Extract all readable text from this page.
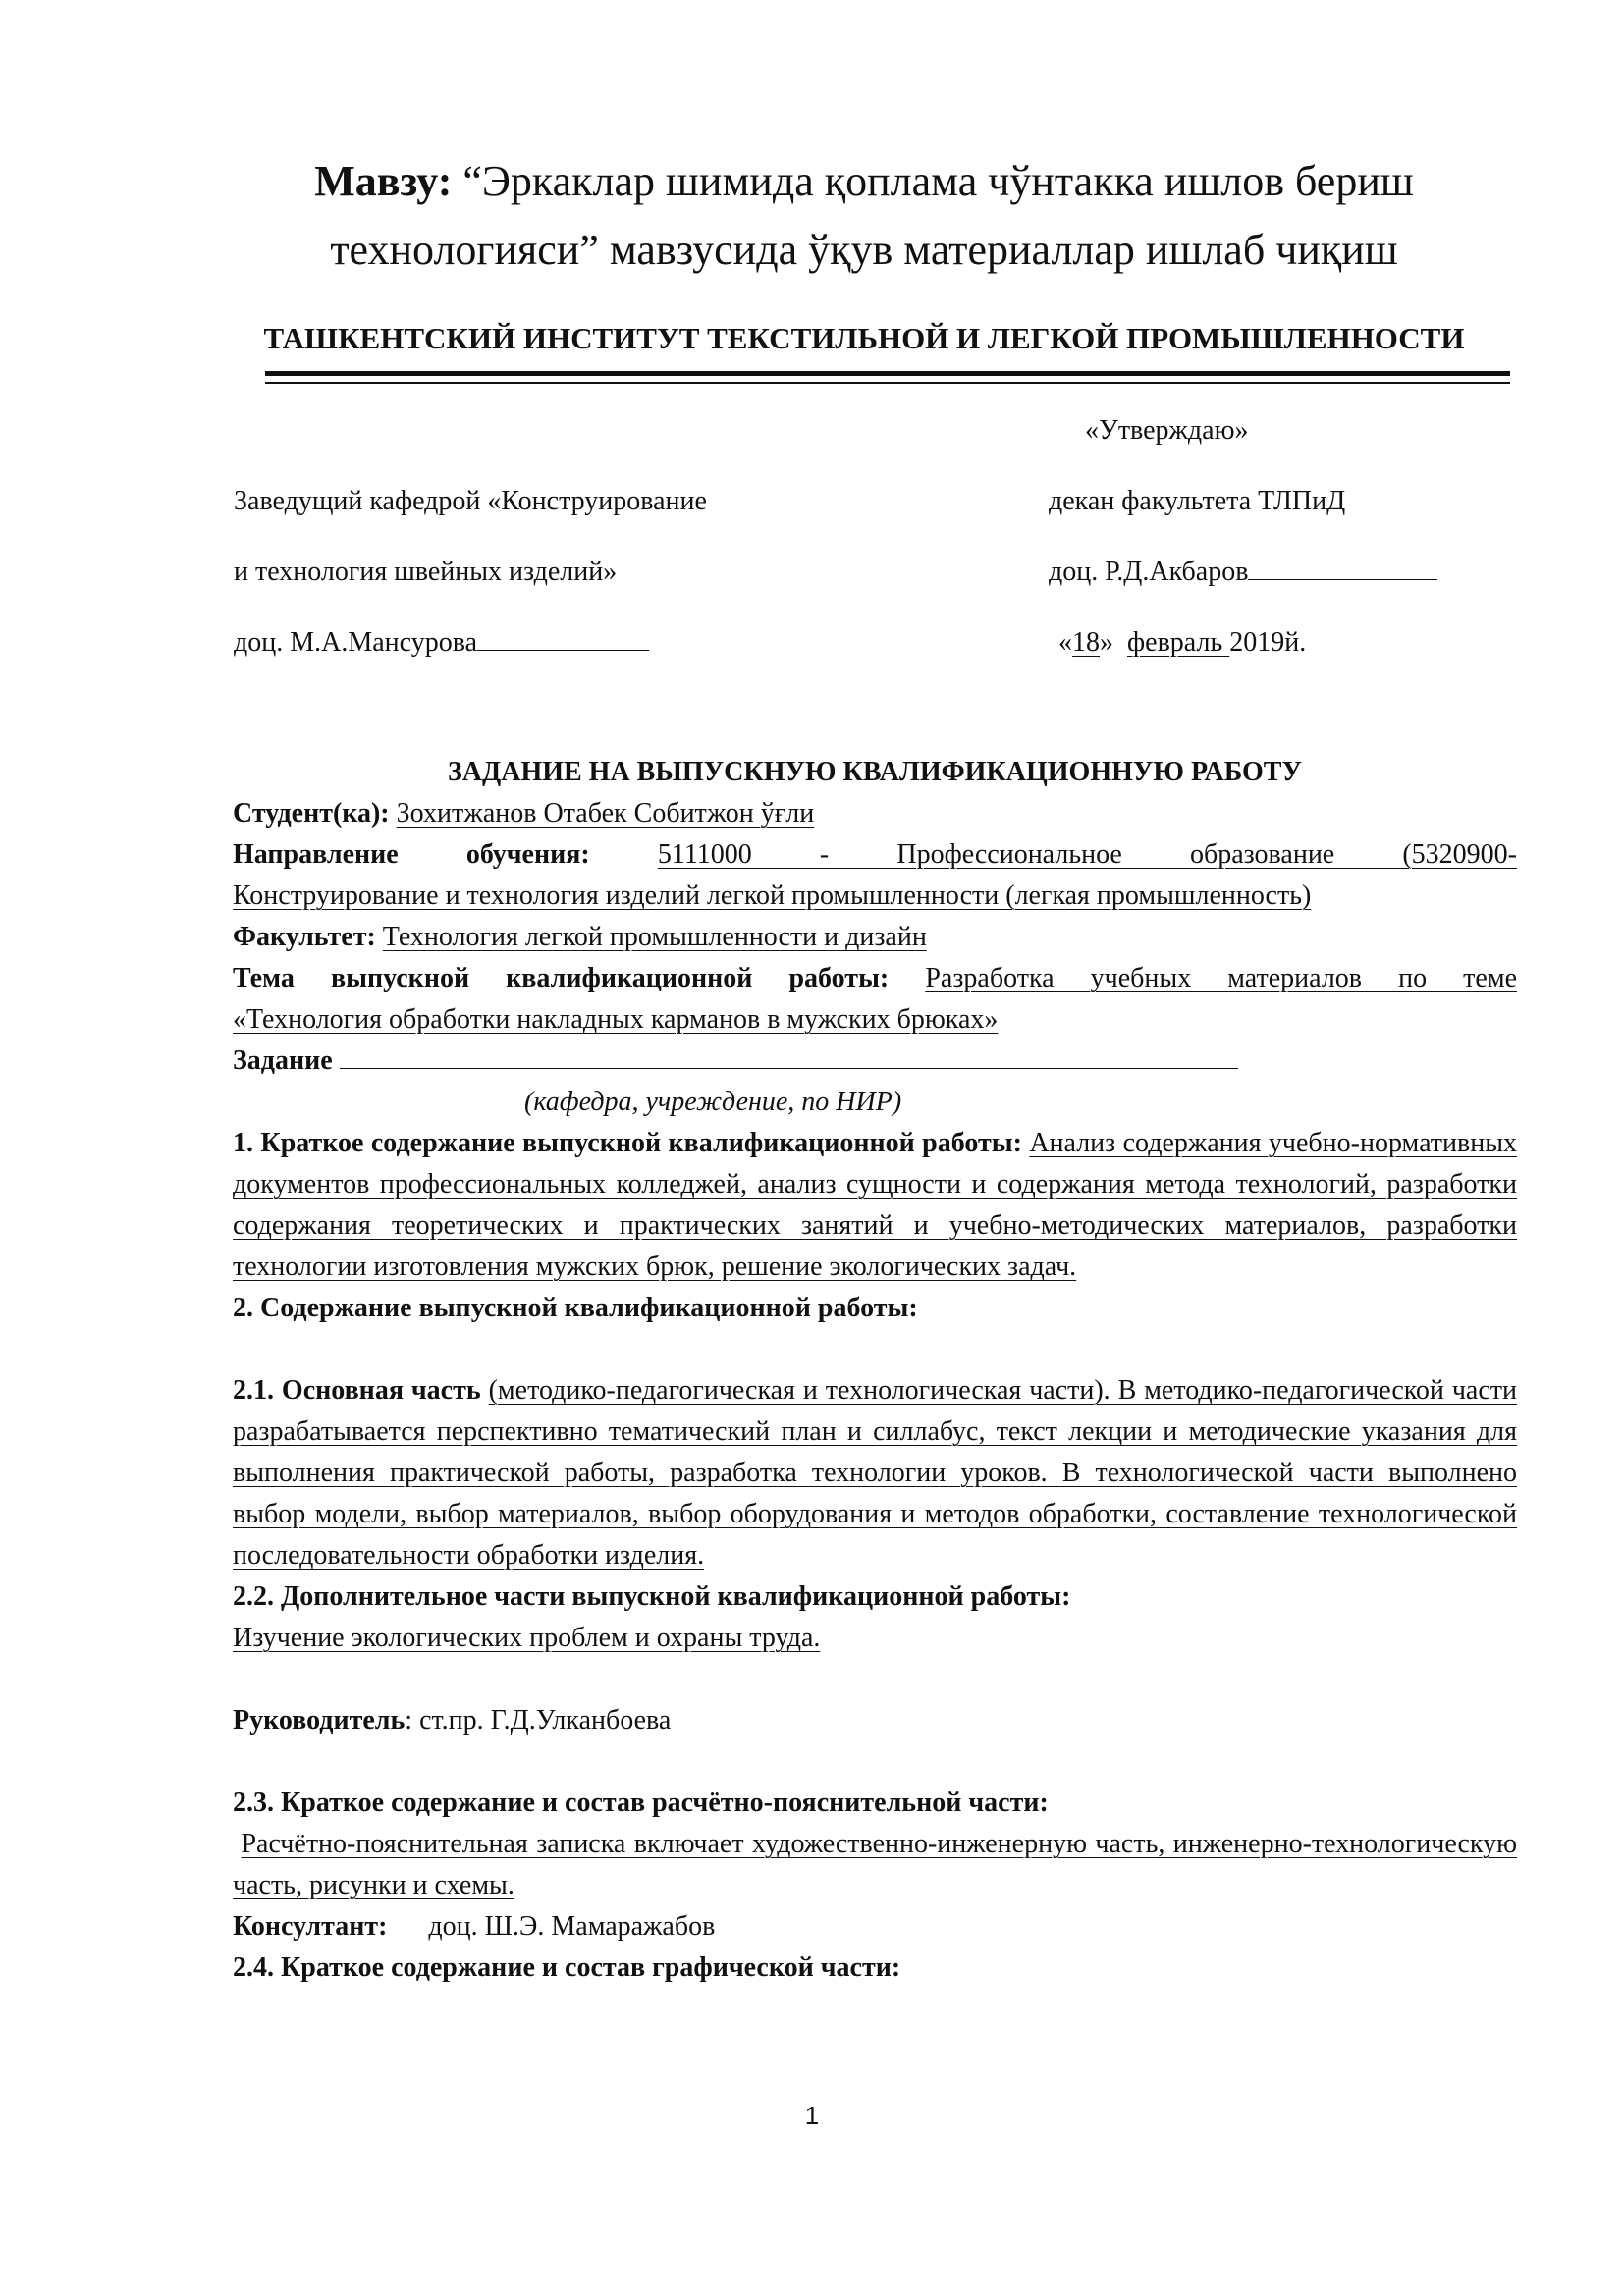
Мавзу: “Эркаклар шимида қоплама чўнтакка ишлов бериш технологияси” мавзусида ўқув материаллар ишлаб чиқиш
ТАШКЕНТСКИЙ ИНСТИТУТ ТЕКСТИЛЬНОЙ И ЛЕГКОЙ ПРОМЫШЛЕННОСТИ
«Утверждаю»
декан факультета ТЛПиД
доц. Р.Д.Акбаров
«18» февраль 2019й.
Заведущий кафедрой «Конструирование
и технология швейных изделий»
доц. М.А.Мансурова

ЗАДАНИЕ НА ВЫПУСКНУЮ КВАЛИФИКАЦИОННУЮ РАБОТУ

Студент(ка): Зохитжанов Отабек Собитжон ўғли

Направление обучения: 5111000 - Профессиональное образование (5320900-

Конструирование и технология изделий легкой промышленности (легкая промышленность)

Факультет: Технология легкой промышленности и дизайн

Тема выпускной квалификационной работы: Разработка учебных материалов по теме

«Технология обработки накладных карманов в мужских брюках»

Задание

(кафедра, учреждение, по НИР)

1. Краткое содержание выпускной квалификационной работы: Анализ содержания учебно-нормативных документов профессиональных колледжей, анализ сущности и содержания метода технологий, разработки содержания теоретических и практических занятий и учебно-методических материалов, разработки технологии изготовления мужских брюк, решение экологических задач.

2. Содержание выпускной квалификационной работы:

2.1. Основная часть (методико-педагогическая и технологическая части). В методико-педагогической части разрабатывается перспективно тематический план и силлабус, текст лекции и методические указания для выполнения практической работы, разработка технологии уроков. В технологической части выполнено выбор модели, выбор материалов, выбор оборудования и методов обработки, составление технологической последовательности обработки изделия.

2.2. Дополнительное части выпускной квалификационной работы:

Изучение экологических проблем и охраны труда.

Руководитель: ст.пр. Г.Д.Улканбоева

2.3. Краткое содержание и состав расчётно-пояснительной части:

Расчётно-пояснительная записка включает художественно-инженерную часть, инженерно-технологическую часть, рисунки и схемы.

Консултант: доц. Ш.Э. Мамаражабов

2.4. Краткое содержание и состав графической части:

1
